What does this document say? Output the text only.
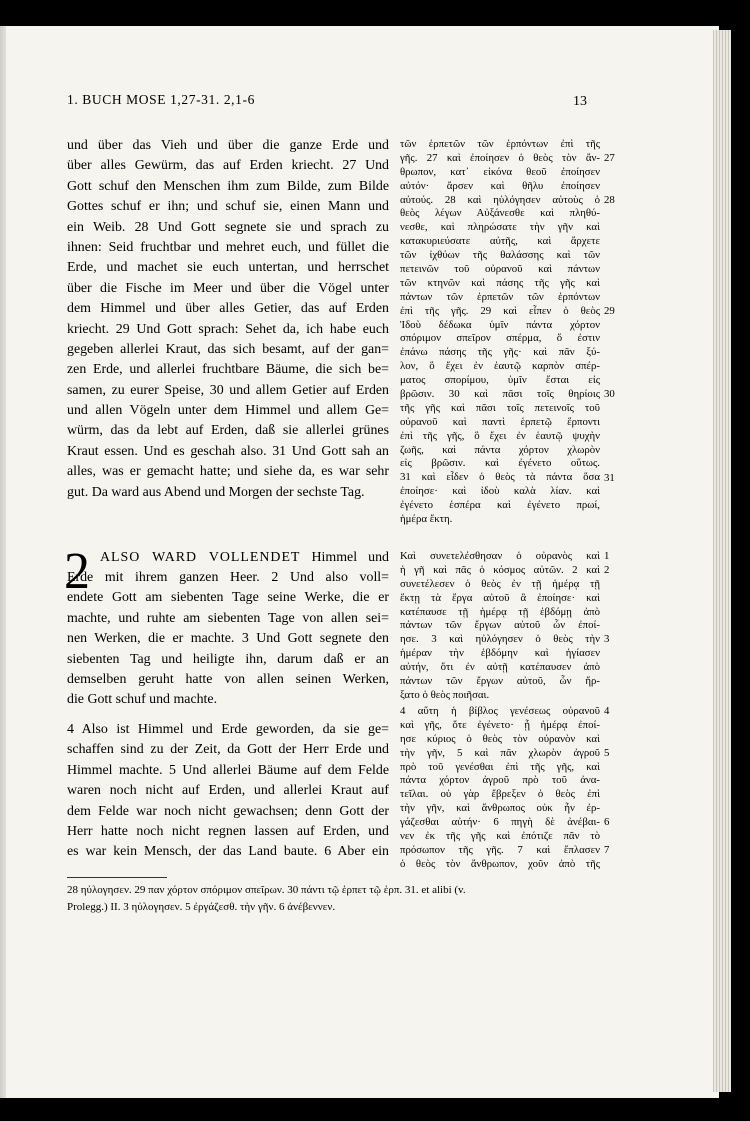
1. BUCH MOSE 1,27-31. 2,1-6	13
und über das Vieh und über die ganze Erde und
über alles Gewürm, das auf Erden kriecht. 27 Und
Gott schuf den Menschen ihm zum Bilde, zum Bilde
Gottes schuf er ihn; und schuf sie, einen Mann und
ein Weib. 28 Und Gott segnete sie und sprach zu
ihnen: Seid fruchtbar und mehret euch, und füllet die
Erde, und machet sie euch untertan, und herrschet
über die Fische im Meer und über die Vögel unter
dem Himmel und über alles Getier, das auf Erden
kriecht. 29 Und Gott sprach: Sehet da, ich habe euch
gegeben allerlei Kraut, das sich besamt, auf der gan=
zen Erde, und allerlei fruchtbare Bäume, die sich be=
samen, zu eurer Speise, 30 und allem Getier auf Erden
und allen Vögeln unter dem Himmel und allem Ge=
würm, das da lebt auf Erden, daß sie allerlei grünes
Kraut essen. Und es geschah also. 31 Und Gott sah an
alles, was er gemacht hatte; und siehe da, es war sehr
gut. Da ward aus Abend und Morgen der sechste Tag.
τῶν ἑρπετῶν τῶν ἑρπόντων ἐπὶ τῆς
γῆς. 27 καὶ ἐποίησεν ὁ θεὸς τὸν ἄν-
θρωπον, κατ᾽ εἰκόνα θεοῦ ἐποίησεν
αὐτόν· ἄρσεν καὶ θῆλυ ἐποίησεν
αὐτούς. 28 καὶ ηὐλόγησεν αὐτοὺς ὁ
θεὸς λέγων Αὐξάνεσθε καὶ πληθύ-
νεσθε, καὶ πληρώσατε τὴν γῆν καὶ
κατακυριεύσατε αὐτῆς, καὶ ἄρχετε
τῶν ἰχθύων τῆς θαλάσσης καὶ τῶν
πετεινῶν τοῦ οὐρανοῦ καὶ πάντων
τῶν κτηνῶν καὶ πάσης τῆς γῆς καὶ
πάντων τῶν ἑρπετῶν τῶν ἑρπόντων
ἐπὶ τῆς γῆς. 29 καὶ εἶπεν ὁ θεὸς
Ἰδοὺ δέδωκα ὑμῖν πάντα χόρτον
σπόριμον σπεῖρον σπέρμα, ὅ ἐστιν
ἐπάνω πάσης τῆς γῆς· καὶ πᾶν ξύ-
λον, ὃ ἔχει ἐν ἑαυτῷ καρπὸν σπέρ-
ματος σπορίμου, ὑμῖν ἔσται εἰς
βρῶσιν. 30 καὶ πᾶσι τοῖς θηρίοις
τῆς γῆς καὶ πᾶσι τοῖς πετεινοῖς τοῦ
οὐρανοῦ καὶ παντὶ ἑρπετῷ ἕρποντι
ἐπὶ τῆς γῆς, ὃ ἔχει ἐν ἑαυτῷ ψυχὴν
ζωῆς, καὶ πάντα χόρτον χλωρὸν
εἰς βρῶσιν. καὶ ἐγένετο οὕτως.
31 καὶ εἶδεν ὁ θεὸς τὰ πάντα ὅσα
ἐποίησε· καὶ ἰδοὺ καλὰ λίαν. καὶ
ἐγένετο ἑσπέρα καὶ ἐγένετο πρωί,
ἡμέρα ἕκτη.
2 ALSO WARD VOLLENDET Himmel und
Erde mit ihrem ganzen Heer. 2 Und also voll=
endete Gott am siebenten Tage seine Werke, die er
machte, und ruhte am siebenten Tage von allen sei=
nen Werken, die er machte. 3 Und Gott segnete den
siebenten Tag und heiligte ihn, darum daß er an
demselben geruht hatte von allen seinen Werken,
die Gott schuf und machte.
4 Also ist Himmel und Erde geworden, da sie ge=
schaffen sind zu der Zeit, da Gott der Herr Erde und
Himmel machte. 5 Und allerlei Bäume auf dem Felde
waren noch nicht auf Erden, und allerlei Kraut auf
dem Felde war noch nicht gewachsen; denn Gott der
Herr hatte noch nicht regnen lassen auf Erden, und
es war kein Mensch, der das Land baute. 6 Aber ein
Καὶ συνετελέσθησαν ὁ οὐρανὸς καὶ
ἡ γῆ καὶ πᾶς ὁ κόσμος αὐτῶν. 2 καὶ
συνετέλεσεν ὁ θεὸς ἐν τῇ ἡμέρᾳ τῇ
ἕκτῃ τὰ ἔργα αὐτοῦ ἃ ἐποίησε· καὶ
κατέπαυσε τῇ ἡμέρᾳ τῇ ἑβδόμῃ ἀπὸ
πάντων τῶν ἔργων αὐτοῦ ὧν ἐποί-
ησε. 3 καὶ ηὐλόγησεν ὁ θεὸς τὴν
ἡμέραν τὴν ἑβδόμην καὶ ἡγίασεν
αὐτήν, ὅτι ἐν αὐτῇ κατέπαυσεν ἀπὸ
πάντων τῶν ἔργων αὐτοῦ, ὧν ἤρ-
ξατο ὁ θεὸς ποιῆσαι.
4 αὕτη ἡ βίβλος γενέσεως οὐρανοῦ
καὶ γῆς, ὅτε ἐγένετο· ᾗ ἡμέρᾳ ἐποί-
ησε κύριος ὁ θεὸς τὸν οὐρανὸν καὶ
τὴν γῆν, 5 καὶ πᾶν χλωρὸν ἀγροῦ
πρὸ τοῦ γενέσθαι ἐπὶ τῆς γῆς, καὶ
πάντα χόρτον ἀγροῦ πρὸ τοῦ ἀνα-
τεῖλαι. οὐ γὰρ ἔβρεξεν ὁ θεὸς ἐπὶ
τὴν γῆν, καὶ ἄνθρωπος οὐκ ἦν ἐρ-
γάζεσθαι αὐτήν· 6 πηγὴ δὲ ἀνέβαι-
νεν ἐκ τῆς γῆς καὶ ἐπότιζε πᾶν τὸ
πρόσωπον τῆς γῆς. 7 καὶ ἔπλασεν
ὁ θεὸς τὸν ἄνθρωπον, χοῦν ἀπὸ τῆς
28 ηὐλογησεν. 29 παν χόρτον σπόριμον σπεῖρων. 30 πάντι τῷ ἑρπετ τῷ ἑρπ. 31. et alibi (v.
Prolegg.) II. 3 ηὐλογησεν. 5 ἐργάζεσθ. τὴν γῆν. 6 ἀνέβεννεν.
27
28
29
30
31
1
2
3
4
5
6
7
